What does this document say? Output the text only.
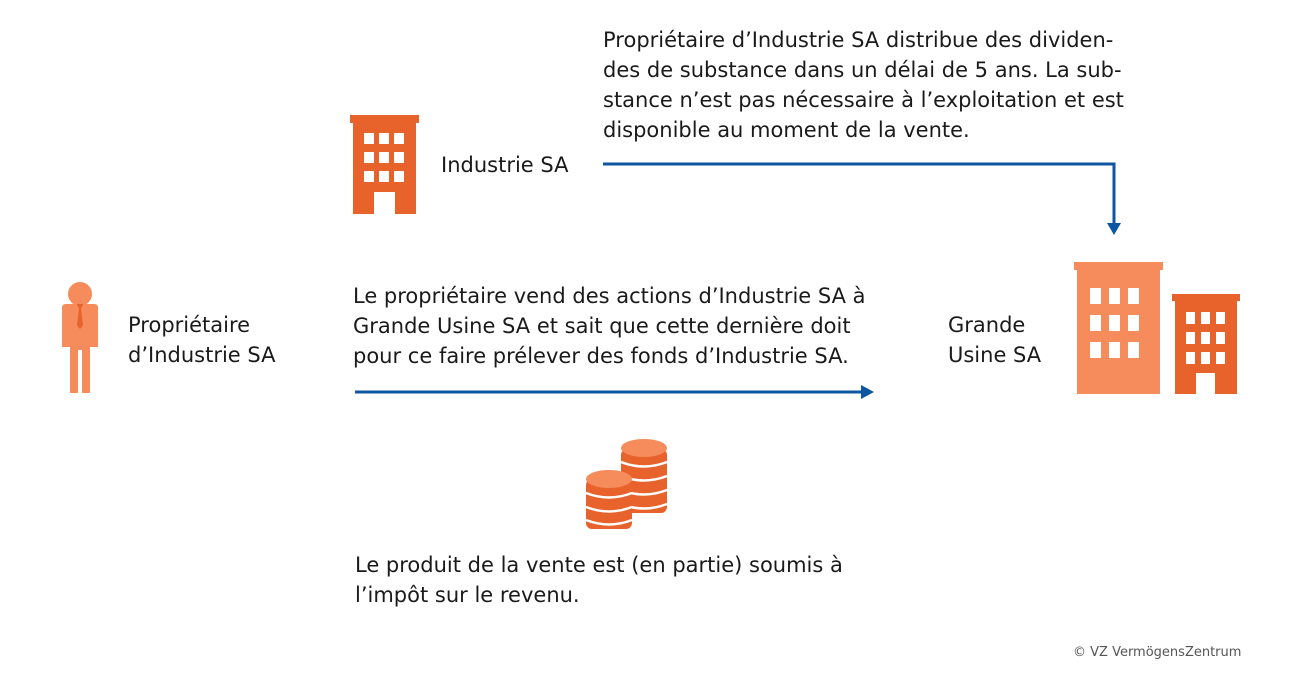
Propriétaire d’Industrie SA distribue des dividen-
des de substance dans un délai de 5 ans. La sub-
stance n’est pas nécessaire à l’exploitation et est
disponible au moment de la vente.

Industrie SA

Propriétaire
d’Industrie SA

Le propriétaire vend des actions d’Industrie SA à
Grande Usine SA et sait que cette dernière doit
pour ce faire prélever des fonds d’Industrie SA.

Grande
Usine SA

Le produit de la vente est (en partie) soumis à
l’impôt sur le revenu.

© VZ VermögensZentrum
